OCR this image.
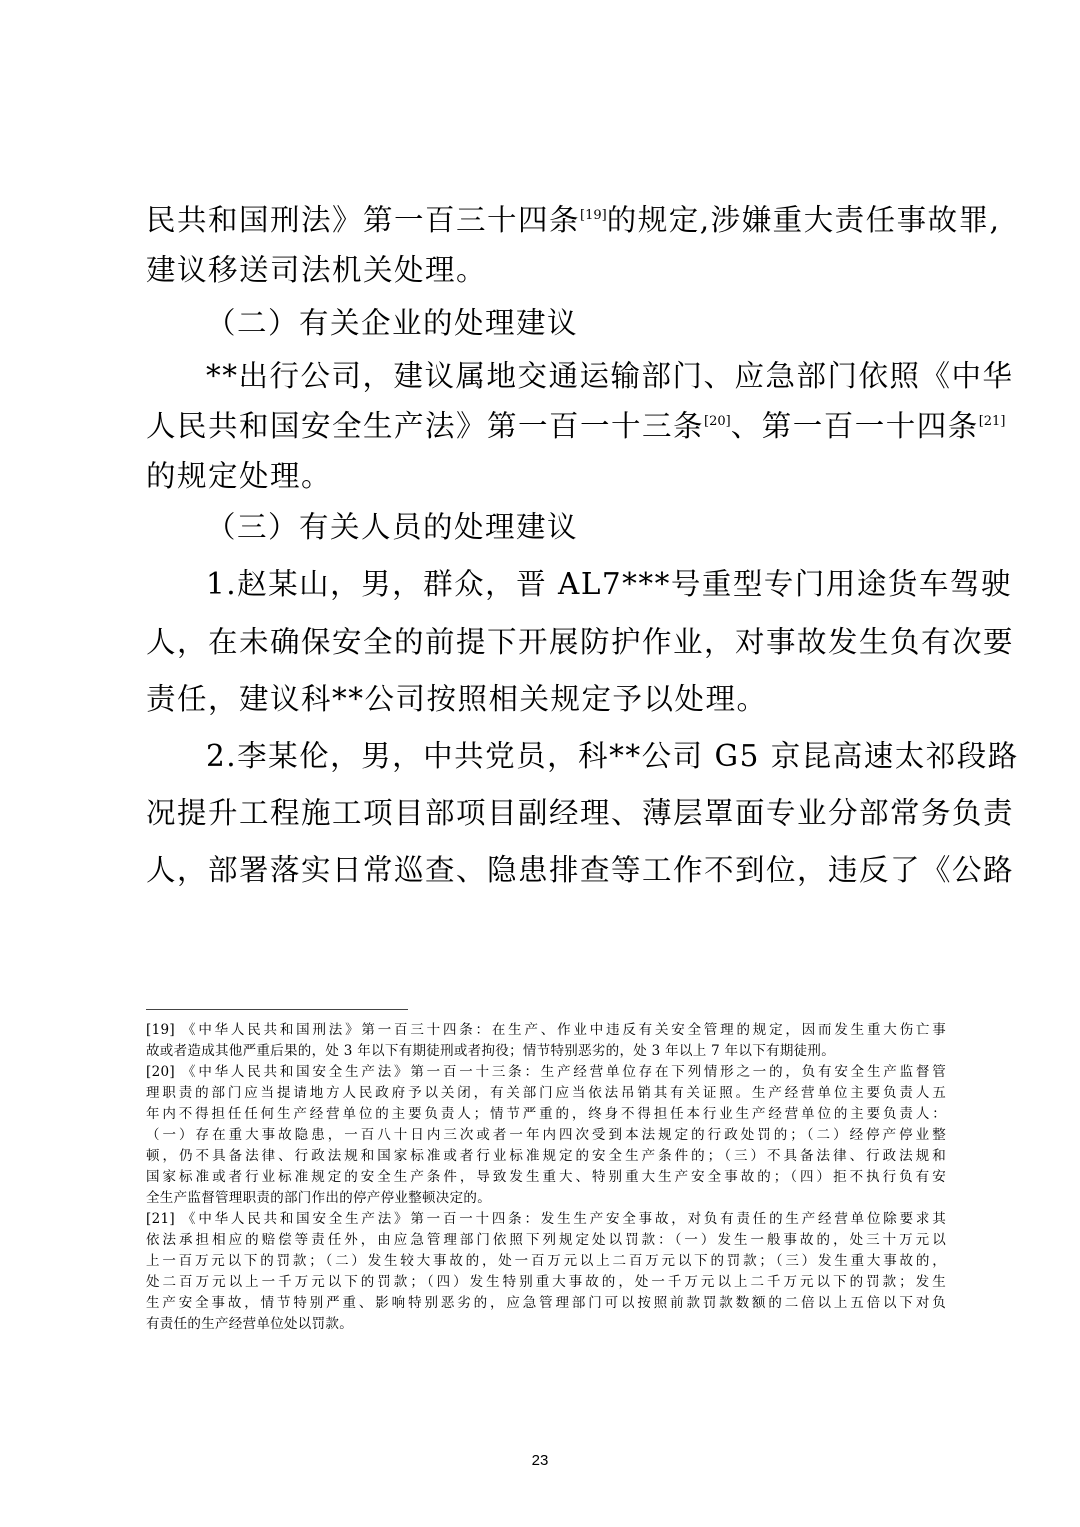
民共和国刑法》第一百三十四条[19]的规定,涉嫌重大责任事故罪,
建议移送司法机关处理。
（二）有关企业的处理建议
**出行公司，建议属地交通运输部门、应急部门依照《中华
人民共和国安全生产法》第一百一十三条[20]、第一百一十四条[21]
的规定处理。
（三）有关人员的处理建议
1.赵某山，男，群众，晋 AL7***号重型专门用途货车驾驶
人，在未确保安全的前提下开展防护作业，对事故发生负有次要
责任，建议科**公司按照相关规定予以处理。
2.李某伦，男，中共党员，科**公司 G5 京昆高速太祁段路
况提升工程施工项目部项目副经理、薄层罩面专业分部常务负责
人，部署落实日常巡查、隐患排查等工作不到位，违反了《公路
[19] 《中华人民共和国刑法》第一百三十四条：在生产、作业中违反有关安全管理的规定，因而发生重大伤亡事
故或者造成其他严重后果的，处 3 年以下有期徒刑或者拘役；情节特别恶劣的，处 3 年以上 7 年以下有期徒刑。
[20] 《中华人民共和国安全生产法》第一百一十三条：生产经营单位存在下列情形之一的，负有安全生产监督管
理职责的部门应当提请地方人民政府予以关闭，有关部门应当依法吊销其有关证照。生产经营单位主要负责人五
年内不得担任任何生产经营单位的主要负责人；情节严重的，终身不得担任本行业生产经营单位的主要负责人：
（一）存在重大事故隐患，一百八十日内三次或者一年内四次受到本法规定的行政处罚的；（二）经停产停业整
顿，仍不具备法律、行政法规和国家标准或者行业标准规定的安全生产条件的；（三）不具备法律、行政法规和
国家标准或者行业标准规定的安全生产条件，导致发生重大、特别重大生产安全事故的；（四）拒不执行负有安
全生产监督管理职责的部门作出的停产停业整顿决定的。
[21] 《中华人民共和国安全生产法》第一百一十四条：发生生产安全事故，对负有责任的生产经营单位除要求其
依法承担相应的赔偿等责任外，由应急管理部门依照下列规定处以罚款：（一）发生一般事故的，处三十万元以
上一百万元以下的罚款；（二）发生较大事故的，处一百万元以上二百万元以下的罚款；（三）发生重大事故的，
处二百万元以上一千万元以下的罚款；（四）发生特别重大事故的，处一千万元以上二千万元以下的罚款；发生
生产安全事故，情节特别严重、影响特别恶劣的，应急管理部门可以按照前款罚款数额的二倍以上五倍以下对负
有责任的生产经营单位处以罚款。
23
